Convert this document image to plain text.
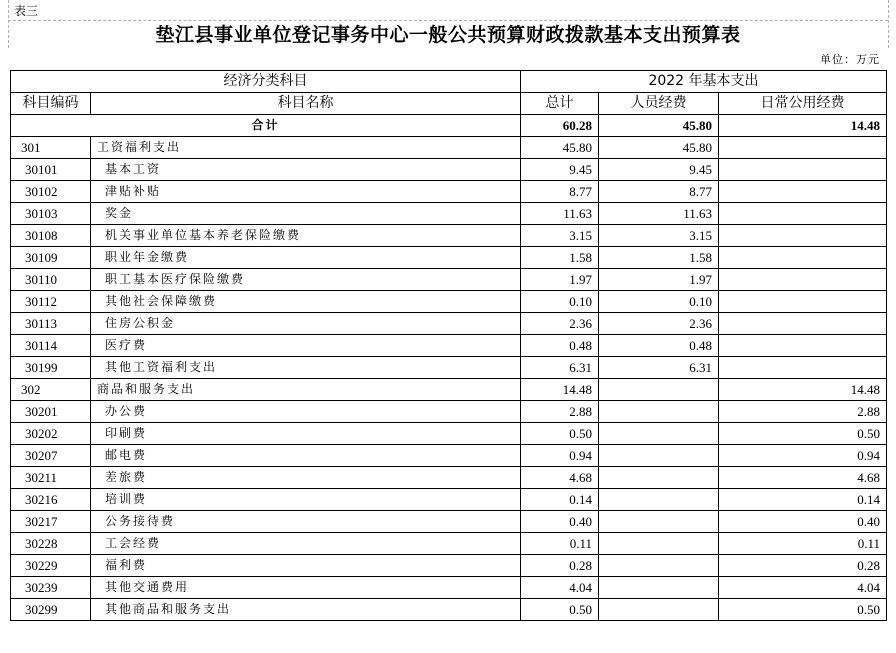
表三
垫江县事业单位登记事务中心一般公共预算财政拨款基本支出预算表
单位：万元
经济分类科目		2022 年基本支出		
科目编码	科目名称	总计	人员经费	日常公用经费
合计		60.28	45.80	14.48
301	工资福利支出	45.80	45.80	
30101	基本工资	9.45	9.45	
30102	津贴补贴	8.77	8.77	
30103	奖金	11.63	11.63	
30108	机关事业单位基本养老保险缴费	3.15	3.15	
30109	职业年金缴费	1.58	1.58	
30110	职工基本医疗保险缴费	1.97	1.97	
30112	其他社会保障缴费	0.10	0.10	
30113	住房公积金	2.36	2.36	
30114	医疗费	0.48	0.48	
30199	其他工资福利支出	6.31	6.31	
302	商品和服务支出	14.48		14.48
30201	办公费	2.88		2.88
30202	印刷费	0.50		0.50
30207	邮电费	0.94		0.94
30211	差旅费	4.68		4.68
30216	培训费	0.14		0.14
30217	公务接待费	0.40		0.40
30228	工会经费	0.11		0.11
30229	福利费	0.28		0.28
30239	其他交通费用	4.04		4.04
30299	其他商品和服务支出	0.50		0.50
